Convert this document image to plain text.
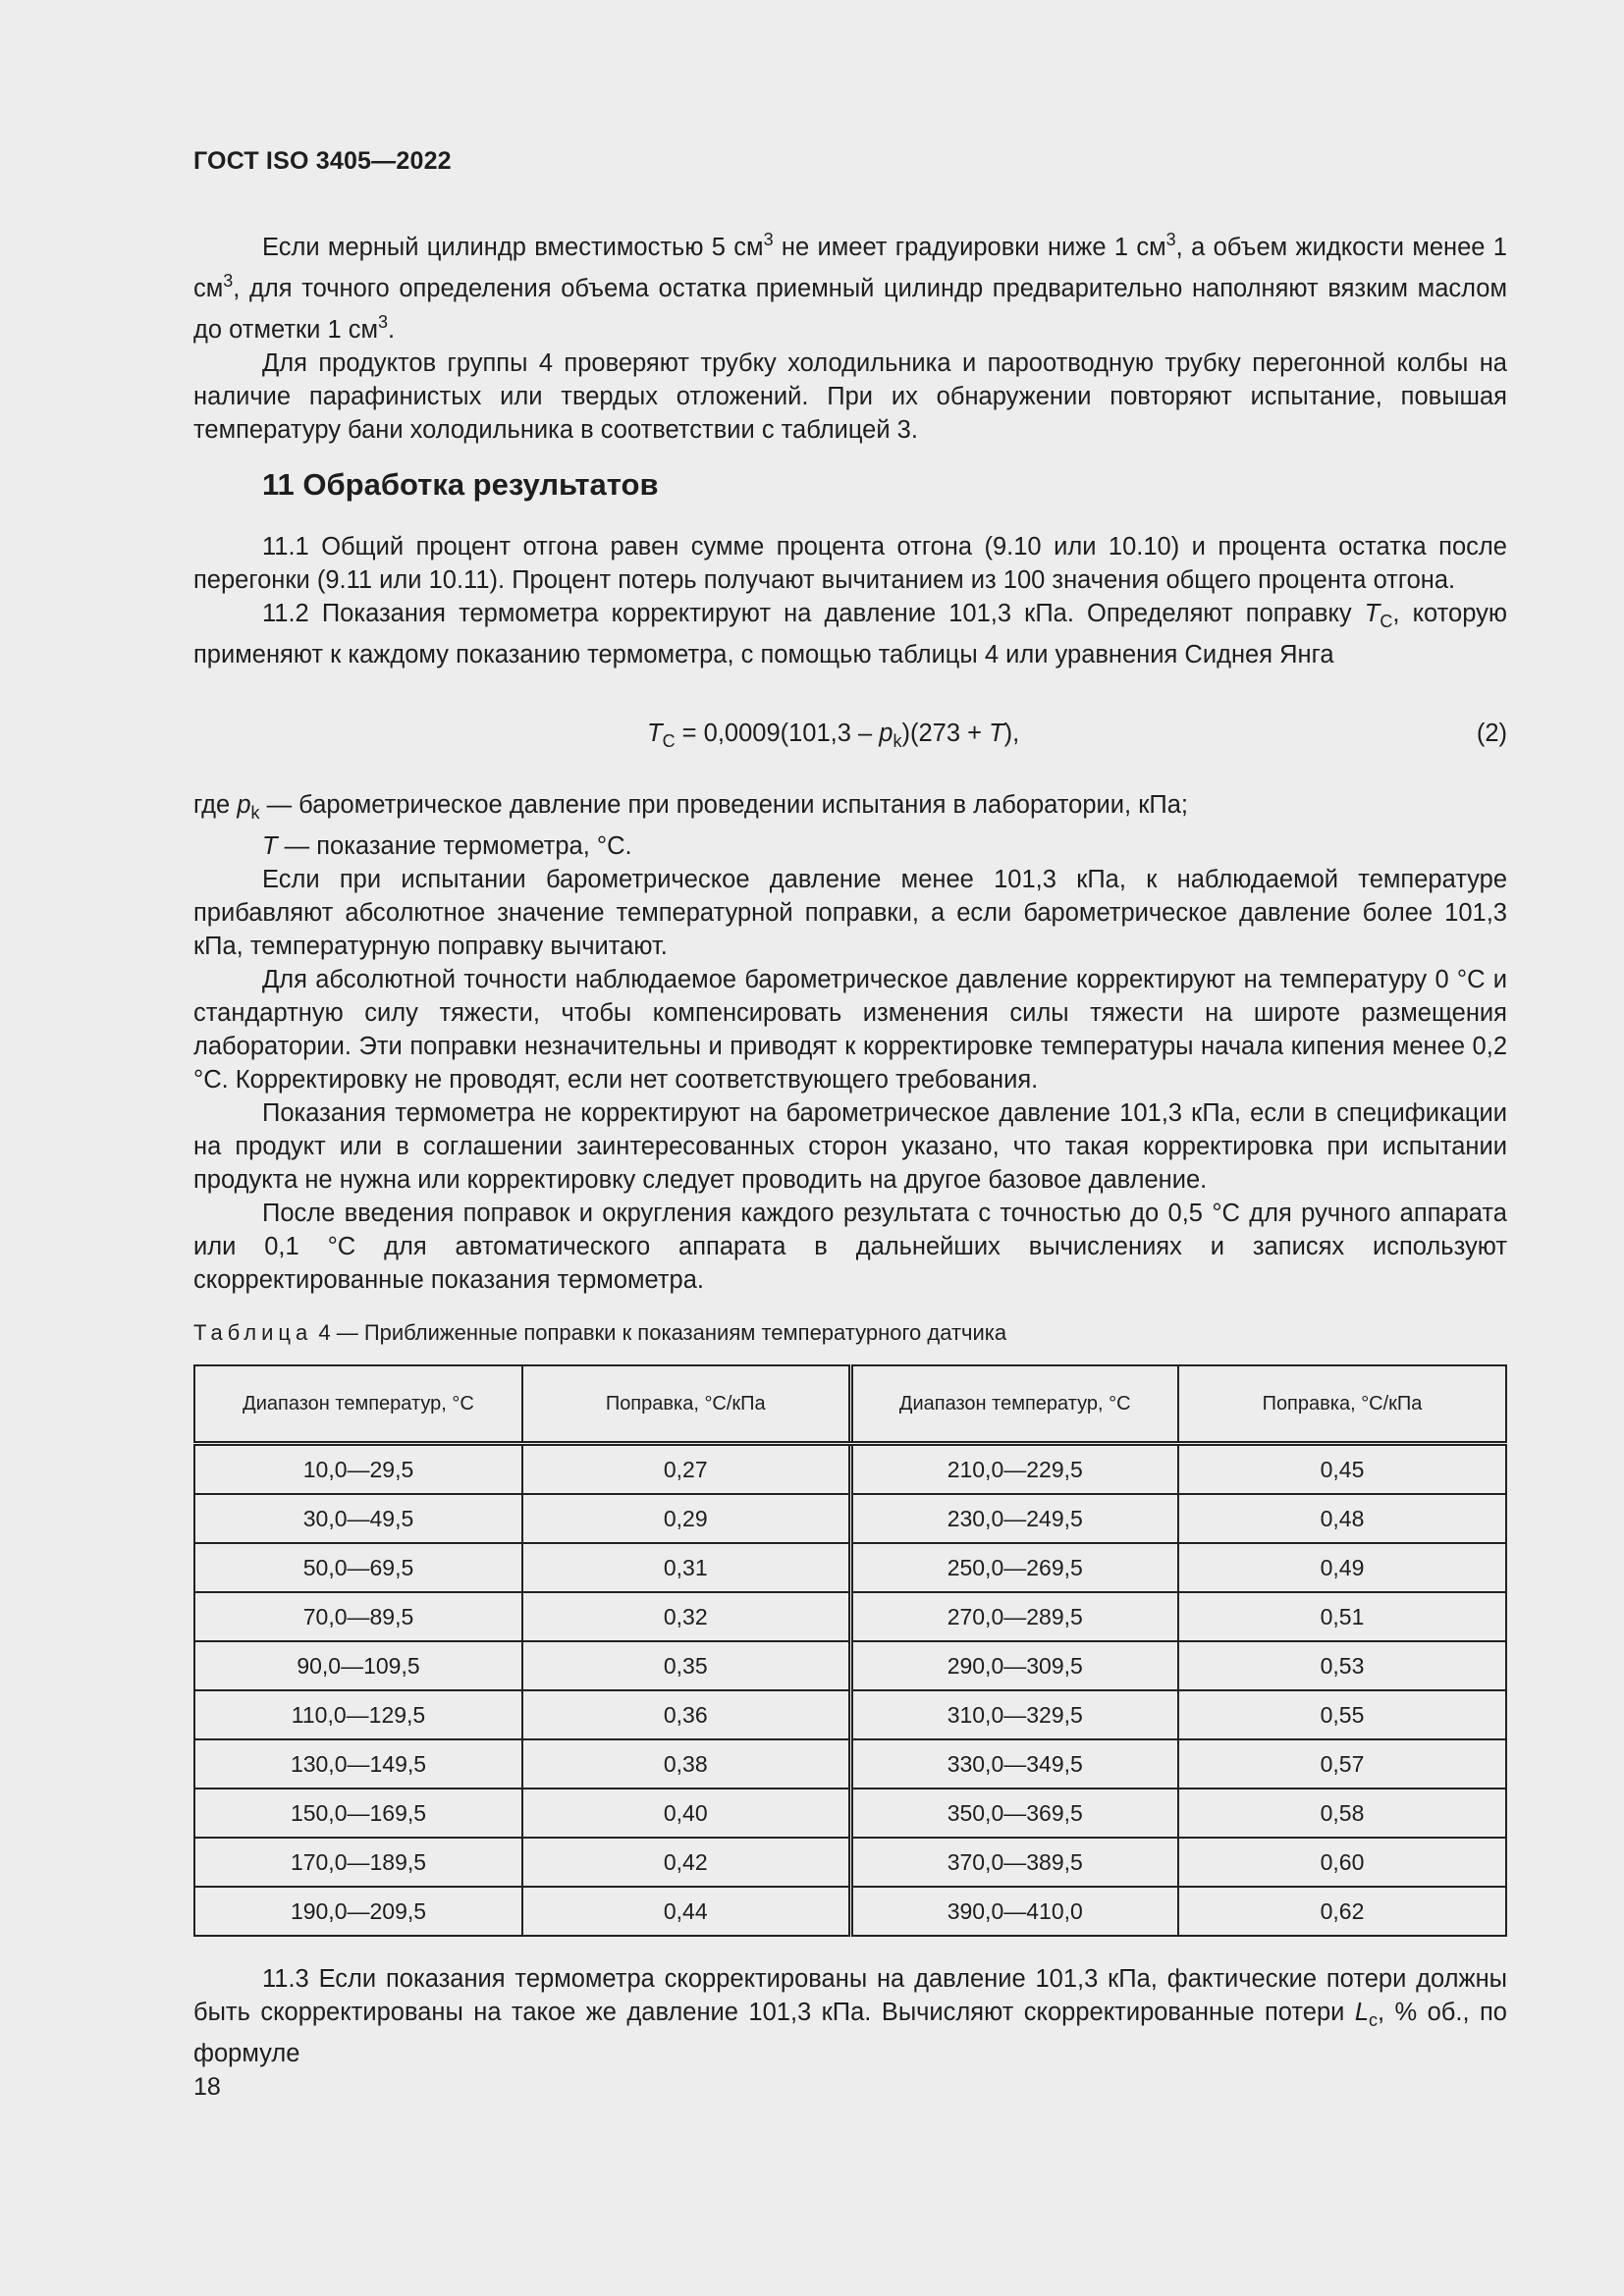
ГОСТ ISO 3405—2022

Если мерный цилиндр вместимостью 5 $см^3$ не имеет градуировки ниже 1 $см^3$, а объем жидкости менее 1 $см^3$, для точного определения объема остатка приемный цилиндр предварительно наполняют вязким маслом до отметки 1 $см^3$.

Для продуктов группы 4 проверяют трубку холодильника и пароотводную трубку перегонной колбы на наличие парафинистых или твердых отложений. При их обнаружении повторяют испытание, повышая температуру бани холодильника в соответствии с таблицей 3.

11 Обработка результатов

11.1 Общий процент отгона равен сумме процента отгона (9.10 или 10.10) и процента остатка после перегонки (9.11 или 10.11). Процент потерь получают вычитанием из 100 значения общего процента отгона.

11.2 Показания термометра корректируют на давление 101,3 кПа. Определяют поправку $T_C$, которую применяют к каждому показанию термометра, с помощью таблицы 4 или уравнения Сиднея Янга

$T_C = 0,0009(101,3 - p_k)(273 + T)$,	(2)

где $p_k$ — барометрическое давление при проведении испытания в лаборатории, кПа;

T — показание термометра, °С.

Если при испытании барометрическое давление менее 101,3 кПа, к наблюдаемой температуре прибавляют абсолютное значение температурной поправки, а если барометрическое давление более 101,3 кПа, температурную поправку вычитают.

Для абсолютной точности наблюдаемое барометрическое давление корректируют на температуру 0 °С и стандартную силу тяжести, чтобы компенсировать изменения силы тяжести на широте размещения лаборатории. Эти поправки незначительны и приводят к корректировке температуры начала кипения менее 0,2 °С. Корректировку не проводят, если нет соответствующего требования.

Показания термометра не корректируют на барометрическое давление 101,3 кПа, если в спецификации на продукт или в соглашении заинтересованных сторон указано, что такая корректировка при испытании продукта не нужна или корректировку следует проводить на другое базовое давление.

После введения поправок и округления каждого результата с точностью до 0,5 °С для ручного аппарата или 0,1 °С для автоматического аппарата в дальнейших вычислениях и записях используют скорректированные показания термометра.

Таблица 4 — Приближенные поправки к показаниям температурного датчика
Диапазон температур, °С	Поправка, °С/кПа	Диапазон температур, °С	Поправка, °С/кПа
10,0—29,5	0,27	210,0—229,5	0,45
30,0—49,5	0,29	230,0—249,5	0,48
50,0—69,5	0,31	250,0—269,5	0,49
70,0—89,5	0,32	270,0—289,5	0,51
90,0—109,5	0,35	290,0—309,5	0,53
110,0—129,5	0,36	310,0—329,5	0,55
130,0—149,5	0,38	330,0—349,5	0,57
150,0—169,5	0,40	350,0—369,5	0,58
170,0—189,5	0,42	370,0—389,5	0,60
190,0—209,5	0,44	390,0—410,0	0,62

11.3 Если показания термометра скорректированы на давление 101,3 кПа, фактические потери должны быть скорректированы на такое же давление 101,3 кПа. Вычисляют скорректированные потери $L_c$, % об., по формуле

18
